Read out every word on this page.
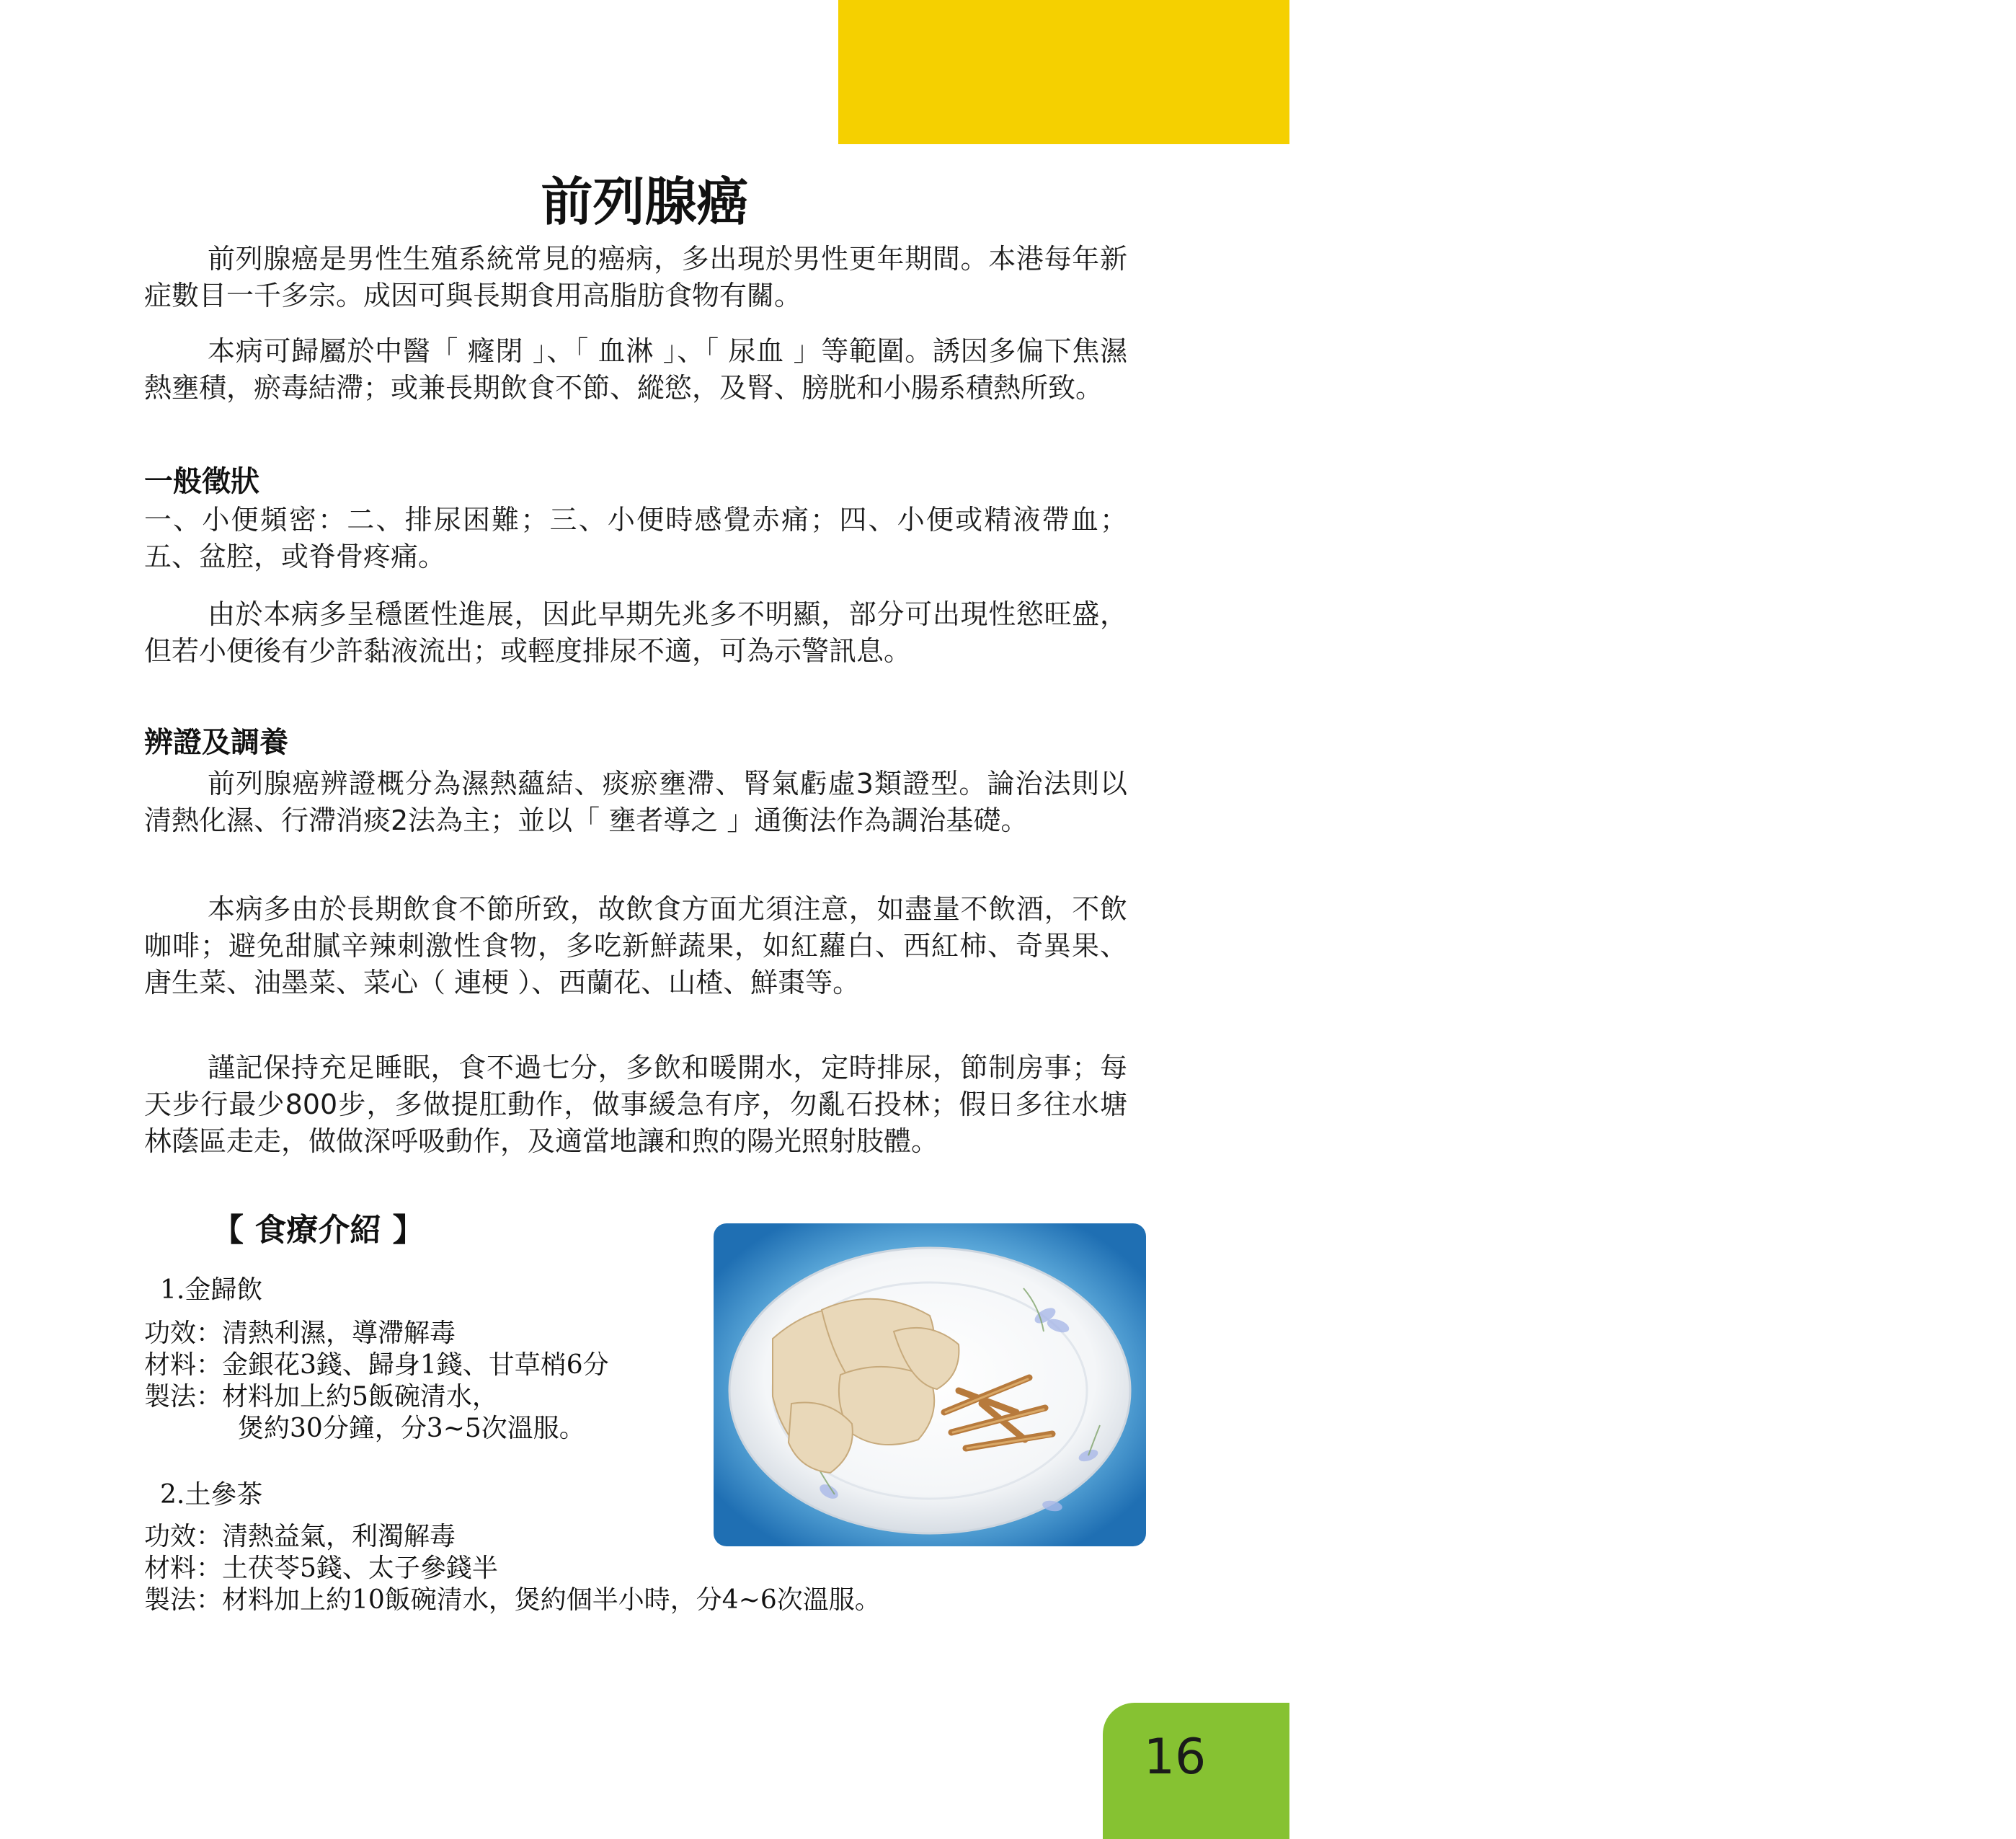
辨證調養篇
前列腺癌

前列腺癌是男性生殖系統常見的癌病，多出現於男性更年期間。本港每年新症數目一千多宗。成因可與長期食用高脂肪食物有關。

本病可歸屬於中醫「 癃閉 」、「 血淋 」、「 尿血 」等範圍。誘因多偏下焦濕熱壅積，瘀毒結滯；或兼長期飲食不節、縱慾，及腎、膀胱和小腸系積熱所致。

一般徵狀

一、小便頻密：二、排尿困難；三、小便時感覺赤痛；四、小便或精液帶血；五、盆腔，或脊骨疼痛。

由於本病多呈穩匿性進展，因此早期先兆多不明顯，部分可出現性慾旺盛，但若小便後有少許黏液流出；或輕度排尿不適，可為示警訊息。

辨證及調養

前列腺癌辨證概分為濕熱蘊結、痰瘀壅滯、腎氣虧虛3類證型。論治法則以清熱化濕、行滯消痰2法為主；並以「 壅者導之 」通衡法作為調治基礎。

本病多由於長期飲食不節所致，故飲食方面尤須注意，如盡量不飲酒，不飲咖啡；避免甜膩辛辣刺激性食物，多吃新鮮蔬果，如紅蘿白、西紅柿、奇異果、唐生菜、油墨菜、菜心（ 連梗 ）、西蘭花、山楂、鮮棗等。

謹記保持充足睡眠，食不過七分，多飲和暖開水，定時排尿，節制房事；每天步行最少800步，多做提肛動作，做事緩急有序，勿亂石投林；假日多往水塘林蔭區走走，做做深呼吸動作，及適當地讓和煦的陽光照射肢體。

【 食療介紹 】
1.金歸飲
功效：清熱利濕，導滯解毒
材料：金銀花3錢、歸身1錢、甘草梢6分
製法：材料加上約5飯碗清水，
煲約30分鐘，分3~5次溫服。
2.土參茶
功效：清熱益氣，利濁解毒
材料：土茯苓5錢、太子參錢半
製法：材料加上約10飯碗清水，煲約個半小時，分4~6次溫服。
16
